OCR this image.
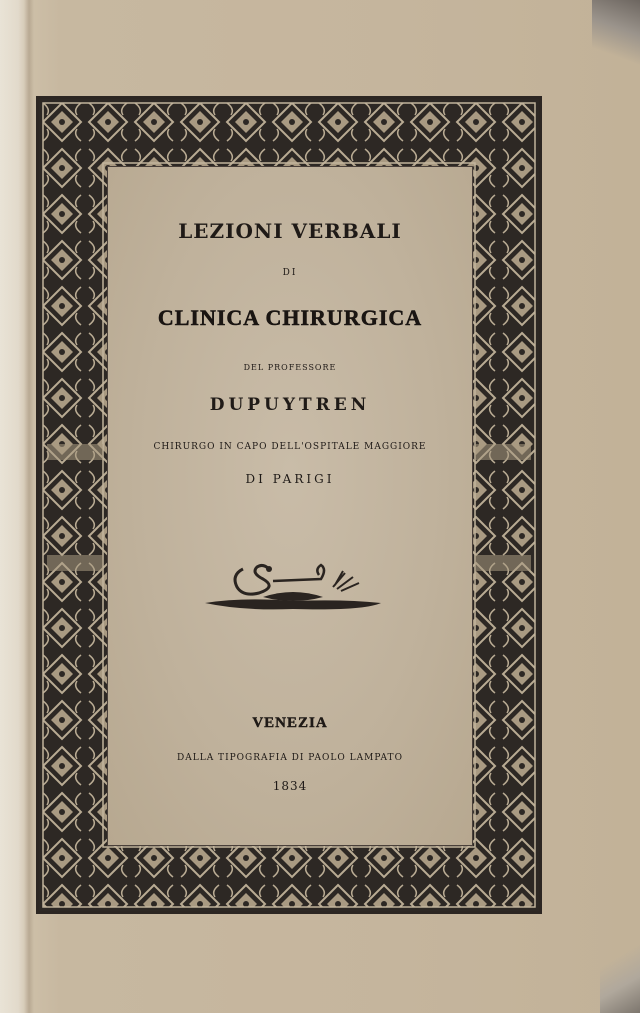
LEZIONI VERBALI
DI
CLINICA CHIRURGICA
DEL PROFESSORE
DUPUYTREN
CHIRURGO IN CAPO DELL'OSPITALE MAGGIORE
DI PARIGI
VENEZIA
DALLA TIPOGRAFIA DI PAOLO LAMPATO
1834
